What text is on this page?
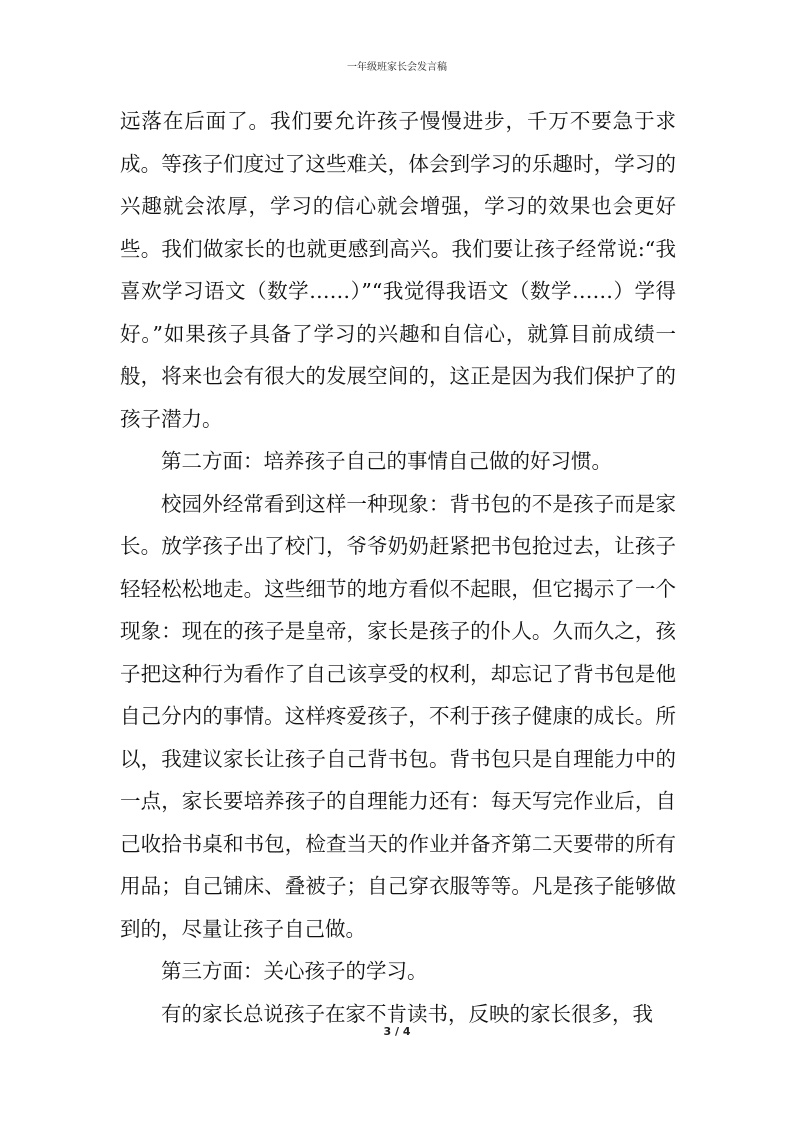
一年级班家长会发言稿

远落在后面了。我们要允许孩子慢慢进步，千万不要急于求成。等孩子们度过了这些难关，体会到学习的乐趣时，学习的兴趣就会浓厚，学习的信心就会增强，学习的效果也会更好些。我们做家长的也就更感到高兴。我们要让孩子经常说:“我喜欢学习语文（数学……）”“我觉得我语文（数学……）学得好。”如果孩子具备了学习的兴趣和自信心，就算目前成绩一般，将来也会有很大的发展空间的，这正是因为我们保护了的孩子潜力。

第二方面：培养孩子自己的事情自己做的好习惯。

校园外经常看到这样一种现象：背书包的不是孩子而是家长。放学孩子出了校门，爷爷奶奶赶紧把书包抢过去，让孩子轻轻松松地走。这些细节的地方看似不起眼，但它揭示了一个现象：现在的孩子是皇帝，家长是孩子的仆人。久而久之，孩子把这种行为看作了自己该享受的权利，却忘记了背书包是他自己分内的事情。这样疼爱孩子，不利于孩子健康的成长。所以，我建议家长让孩子自己背书包。背书包只是自理能力中的一点，家长要培养孩子的自理能力还有：每天写完作业后，自己收拾书桌和书包，检查当天的作业并备齐第二天要带的所有用品；自己铺床、叠被子；自己穿衣服等等。凡是孩子能够做到的，尽量让孩子自己做。

第三方面：关心孩子的学习。

有的家长总说孩子在家不肯读书，反映的家长很多，我

3 / 4
